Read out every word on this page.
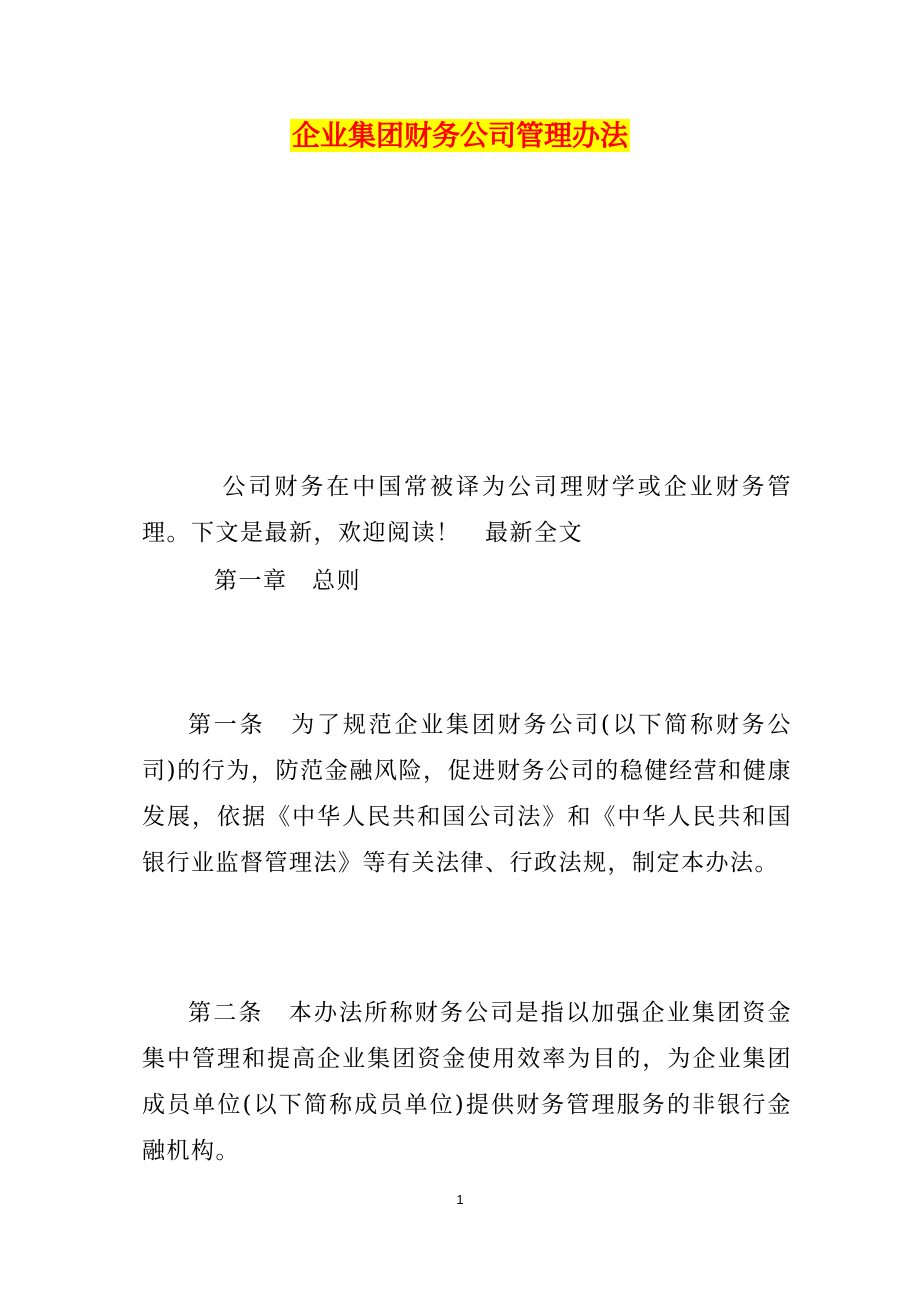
企业集团财务公司管理办法

公司财务在中国常被译为公司理财学或企业财务管理。下文是最新，欢迎阅读！　最新全文

第一章　总则

第一条　为了规范企业集团财务公司(以下简称财务公司)的行为，防范金融风险，促进财务公司的稳健经营和健康发展，依据《中华人民共和国公司法》和《中华人民共和国银行业监督管理法》等有关法律、行政法规，制定本办法。

第二条　本办法所称财务公司是指以加强企业集团资金集中管理和提高企业集团资金使用效率为目的，为企业集团成员单位(以下简称成员单位)提供财务管理服务的非银行金融机构。

1
